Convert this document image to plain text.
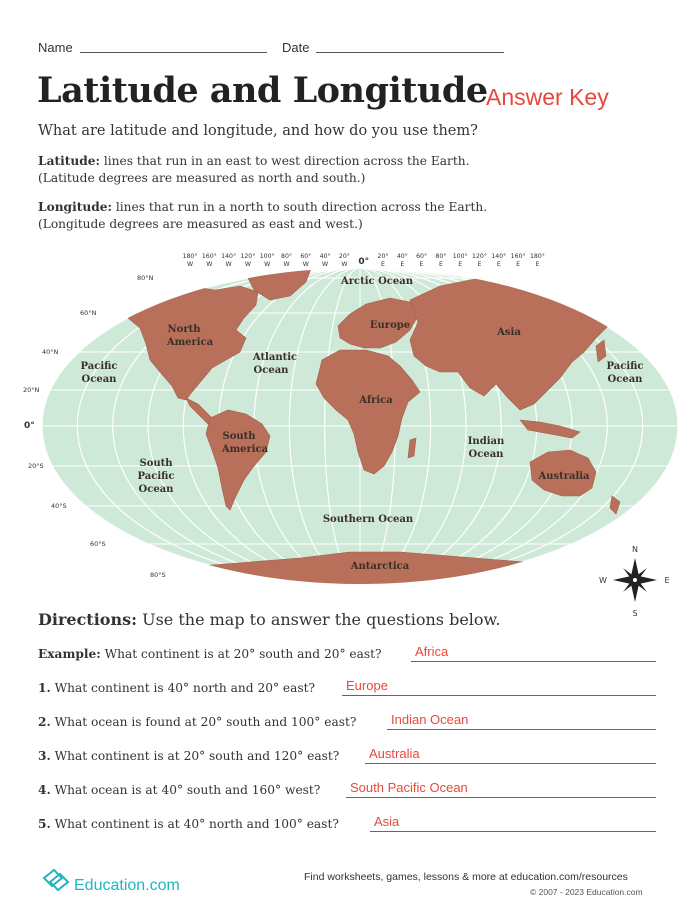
Name	Date
Latitude and Longitude
Answer Key
What are latitude and longitude, and how do you use them?
Latitude: lines that run in an east to west direction across the Earth.
(Latitude degrees are measured as north and south.)
Longitude: lines that run in a north to south direction across the Earth.
(Longitude degrees are measured as east and west.)
180°
W
160°
W
140°
W
120°
W
100°
W
80°
W
60°
W
40°
W
20°
W 0°
20°
E
40°
E
60°
E
80°
E
100°
E
120°
E
140°
E
160°
E
180°
E
80°N
60°N
40°N
20°N
0°
20°S
40°S
60°S
80°S
Arctic Ocean
Europe
Asia
North
America
Pacific
Ocean
Pacific
Ocean
Atlantic
Ocean
Africa
South
America
Indian
Ocean
South
Pacific
Ocean
Australia
Southern Ocean
Antarctica
N
S
E
W
Directions: Use the map to answer the questions below.
Example: What continent is at 20° south and 20° east?	Africa
1. What continent is 40° north and 20° east? Europe
2. What ocean is found at 20° south and 100° east?	Indian Ocean
3. What continent is at 20° south and 120° east? Australia
4. What ocean is at 40° south and 160° west? South Pacific Ocean
5. What continent is at 40° north and 100° east?	Asia
Education.com	Find worksheets, games, lessons & more at education.com/resources
© 2007 - 2023 Education.com
